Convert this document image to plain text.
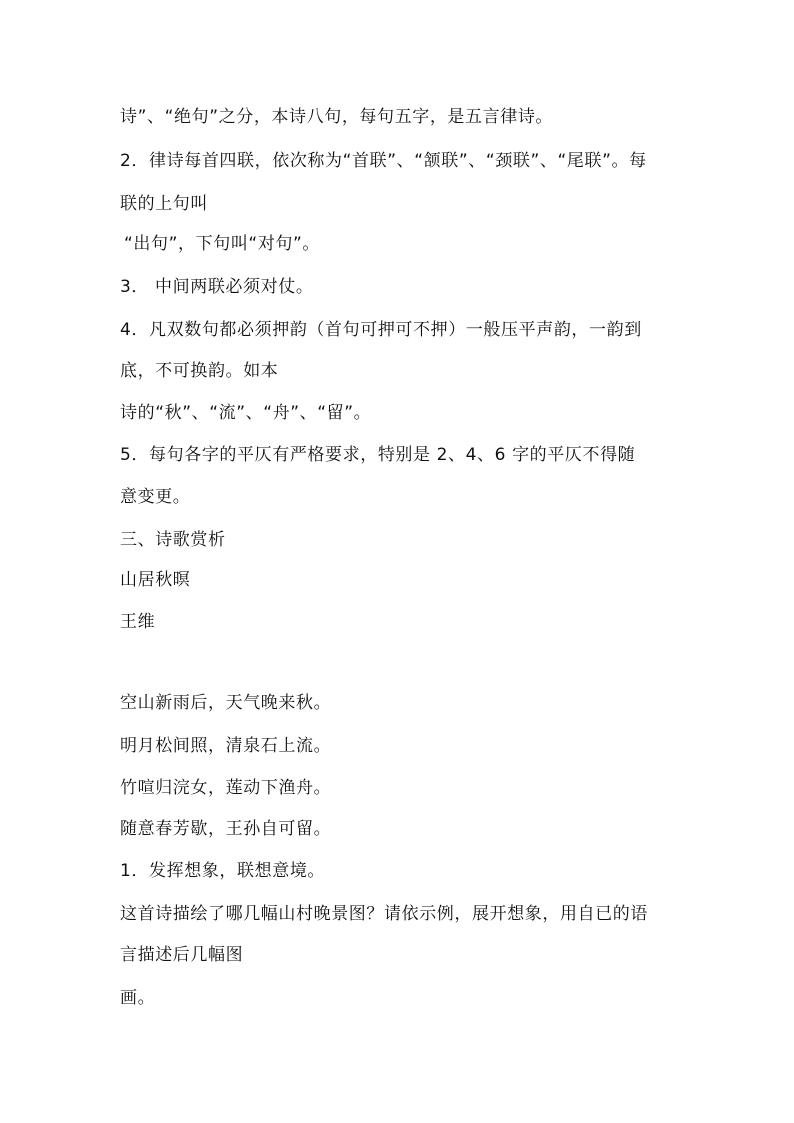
诗”、“绝句”之分，本诗八句，每句五字，是五言律诗。
2．律诗每首四联，依次称为“首联”、“颔联”、“颈联”、“尾联”。每
联的上句叫
“出句”，下句叫“对句”。
3． 中间两联必须对仗。
4．凡双数句都必须押韵（首句可押可不押）一般压平声韵，一韵到
底，不可换韵。如本
诗的“秋”、“流”、“舟”、“留”。
5．每句各字的平仄有严格要求，特别是 2、4、6 字的平仄不得随
意变更。
三、诗歌赏析
山居秋暝
王维
空山新雨后，天气晚来秋。
明月松间照，清泉石上流。
竹喧归浣女，莲动下渔舟。
随意春芳歇，王孙自可留。
1．发挥想象，联想意境。
这首诗描绘了哪几幅山村晚景图？请依示例，展开想象，用自已的语
言描述后几幅图
画。
